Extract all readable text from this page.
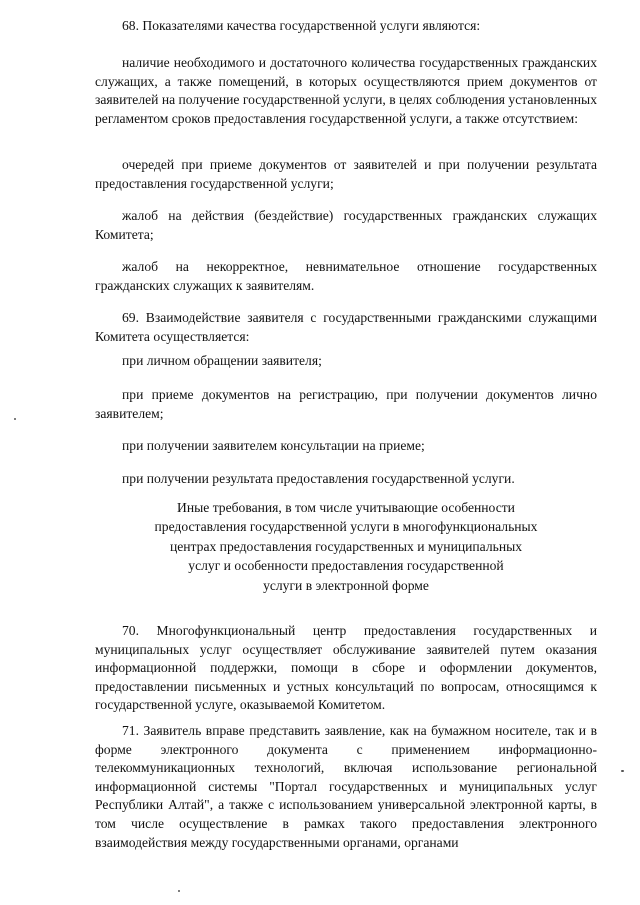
68. Показателями качества государственной услуги являются:

наличие необходимого и достаточного количества государственных гражданских служащих, а также помещений, в которых осуществляются прием документов от заявителей на получение государственной услуги, в целях соблюдения установленных регламентом сроков предоставления государственной услуги, а также отсутствием:

очередей при приеме документов от заявителей и при получении результата предоставления государственной услуги;

жалоб на действия (бездействие) государственных гражданских служащих Комитета;

жалоб на некорректное, невнимательное отношение государственных гражданских служащих к заявителям.

69. Взаимодействие заявителя с государственными гражданскими служащими Комитета осуществляется:

при личном обращении заявителя;

при приеме документов на регистрацию, при получении документов лично заявителем;

при получении заявителем консультации на приеме;

при получении результата предоставления государственной услуги.

Иные требования, в том числе учитывающие особенности
предоставления государственной услуги в многофункциональных
центрах предоставления государственных и муниципальных
услуг и особенности предоставления государственной
услуги в электронной форме

70. Многофункциональный центр предоставления государственных и муниципальных услуг осуществляет обслуживание заявителей путем оказания информационной поддержки, помощи в сборе и оформлении документов, предоставлении письменных и устных консультаций по вопросам, относящимся к государственной услуге, оказываемой Комитетом.

71. Заявитель вправе представить заявление, как на бумажном носителе, так и в форме электронного документа с применением информационно-телекоммуникационных технологий, включая использование региональной информационной системы "Портал государственных и муниципальных услуг Республики Алтай", а также с использованием универсальной электронной карты, в том числе осуществление в рамках такого предоставления электронного взаимодействия между государственными органами, органами
